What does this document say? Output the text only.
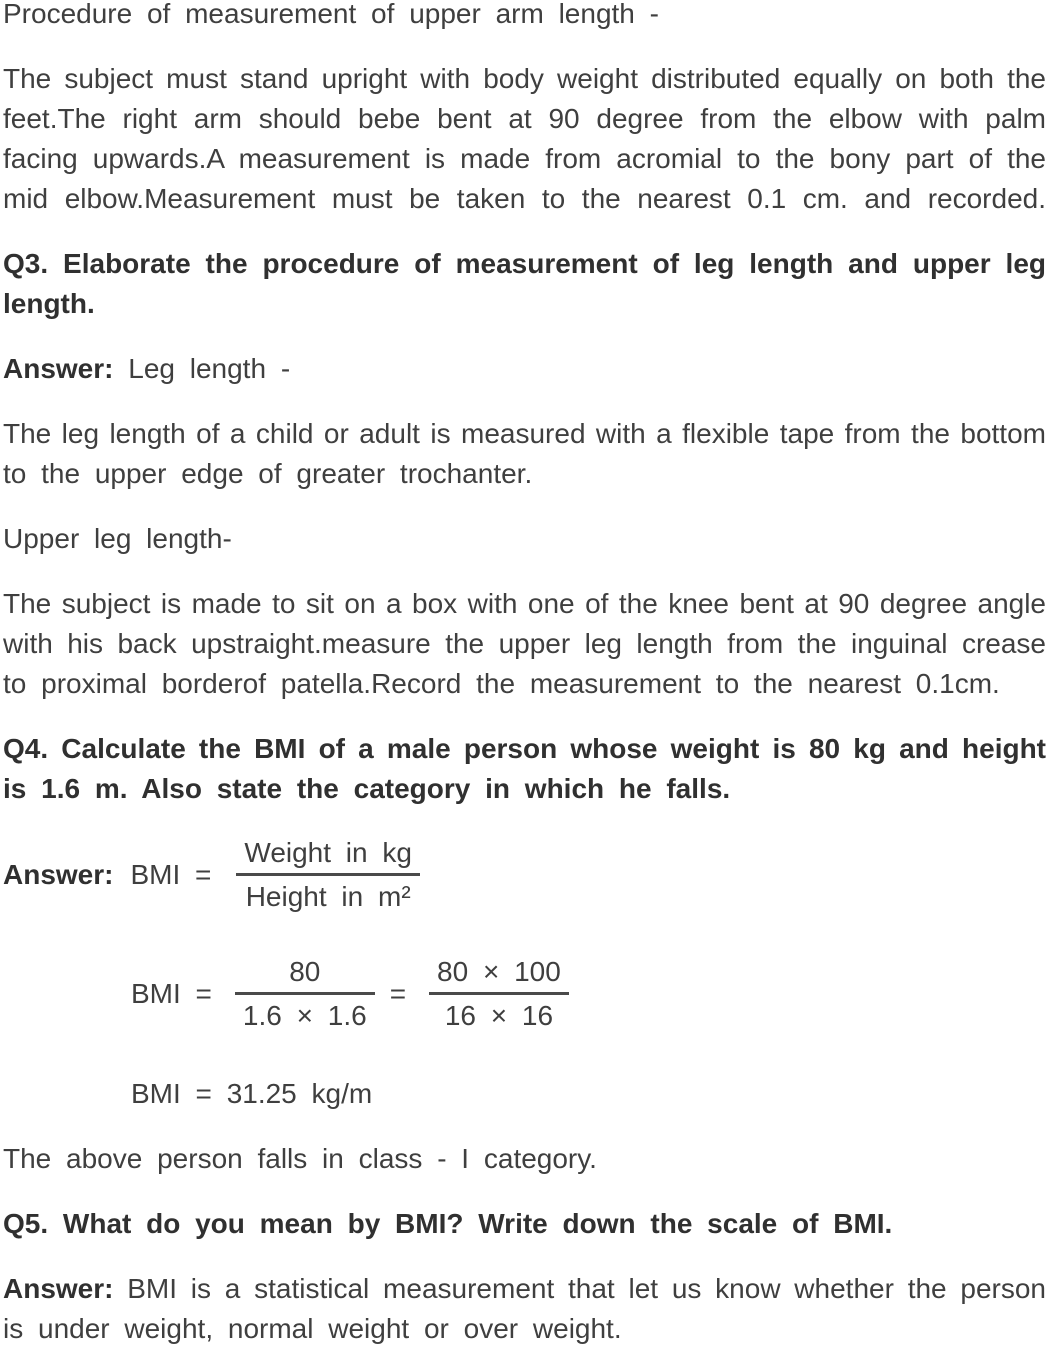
Procedure of measurement of upper arm length -
The subject must stand upright with body weight distributed equally on both the
feet.The right arm should bebe bent at 90 degree from the elbow with palm
facing upwards.A measurement is made from acromial to the bony part of the
mid elbow.Measurement must be taken to the nearest 0.1 cm. and recorded.
Q3. Elaborate the procedure of measurement of leg length and upper leg
length.
Answer: Leg length -
The leg length of a child or adult is measured with a flexible tape from the bottom
to the upper edge of greater trochanter.
Upper leg length-
The subject is made to sit on a box with one of the knee bent at 90 degree angle
with his back upstraight.measure the upper leg length from the inguinal crease
to proximal borderof patella.Record the measurement to the nearest 0.1cm.
Q4. Calculate the BMI of a male person whose weight is 80 kg and height
is 1.6 m. Also state the category in which he falls.
Answer: BMI = $\frac{\text{Weight in kg}}{\text{Height in m²}}$
BMI = $\frac{80}{1.6 \times 1.6} = \frac{80 \times 100}{16 \times 16}$
BMI = 31.25 kg/m
The above person falls in class - I category.
Q5. What do you mean by BMI? Write down the scale of BMI.
Answer: BMI is a statistical measurement that let us know whether the person
is under weight, normal weight or over weight.
